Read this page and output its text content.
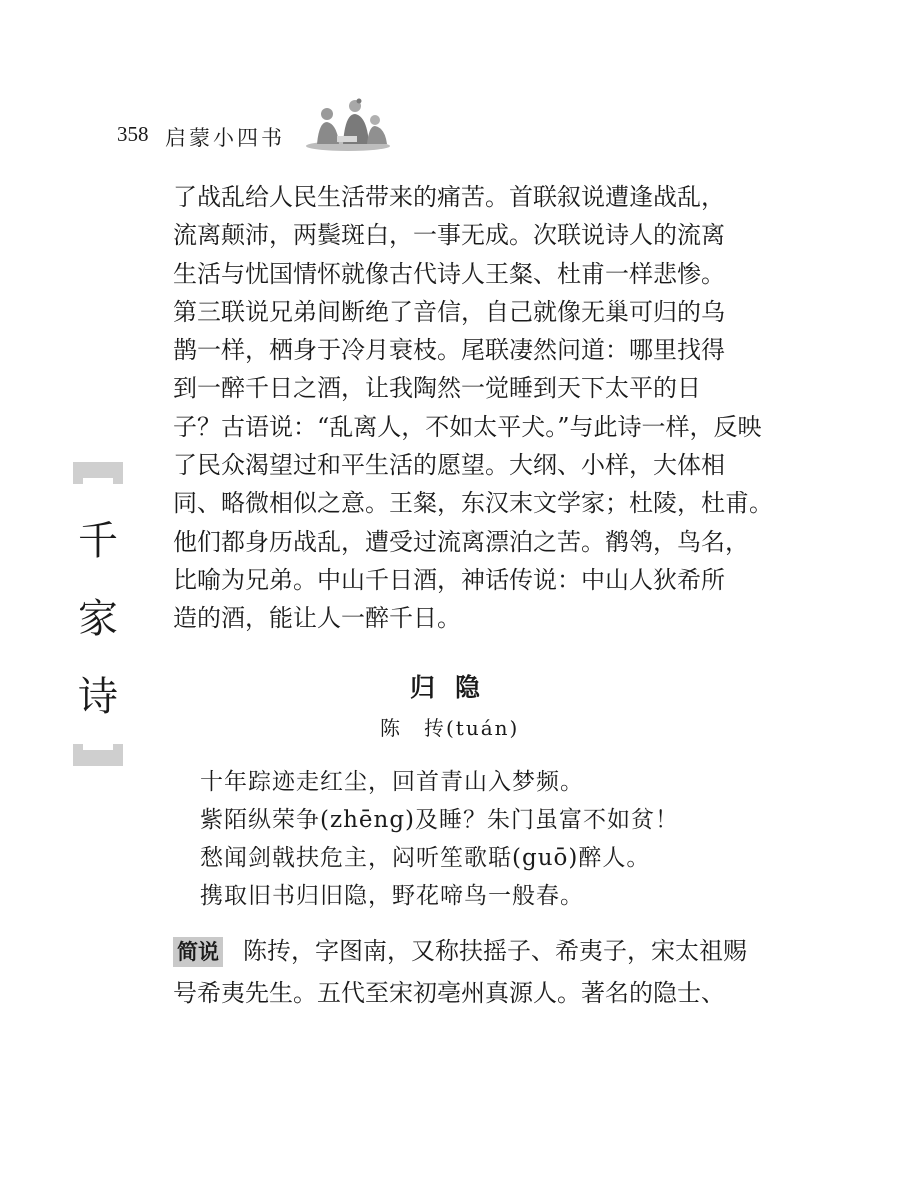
358 启蒙小四书
千
家
诗
了战乱给人民生活带来的痛苦。首联叙说遭逢战乱，
流离颠沛，两鬓斑白，一事无成。次联说诗人的流离
生活与忧国情怀就像古代诗人王粲、杜甫一样悲惨。
第三联说兄弟间断绝了音信，自己就像无巢可归的乌
鹊一样，栖身于冷月衰枝。尾联凄然问道：哪里找得
到一醉千日之酒，让我陶然一觉睡到天下太平的日
子？古语说：“乱离人，不如太平犬。”与此诗一样，反映
了民众渴望过和平生活的愿望。大纲、小样，大体相
同、略微相似之意。王粲，东汉末文学家；杜陵，杜甫。
他们都身历战乱，遭受过流离漂泊之苦。鹡鸰，鸟名，
比喻为兄弟。中山千日酒，神话传说：中山人狄希所
造的酒，能让人一醉千日。
归隐
陈　抟(tuán)
十年踪迹走红尘，回首青山入梦频。
紫陌纵荣争(zhēng)及睡？朱门虽富不如贫！
愁闻剑戟扶危主，闷听笙歌聒(guō)醉人。
携取旧书归旧隐，野花啼鸟一般春。
简说 陈抟，字图南，又称扶摇子、希夷子，宋太祖赐
号希夷先生。五代至宋初亳州真源人。著名的隐士、
